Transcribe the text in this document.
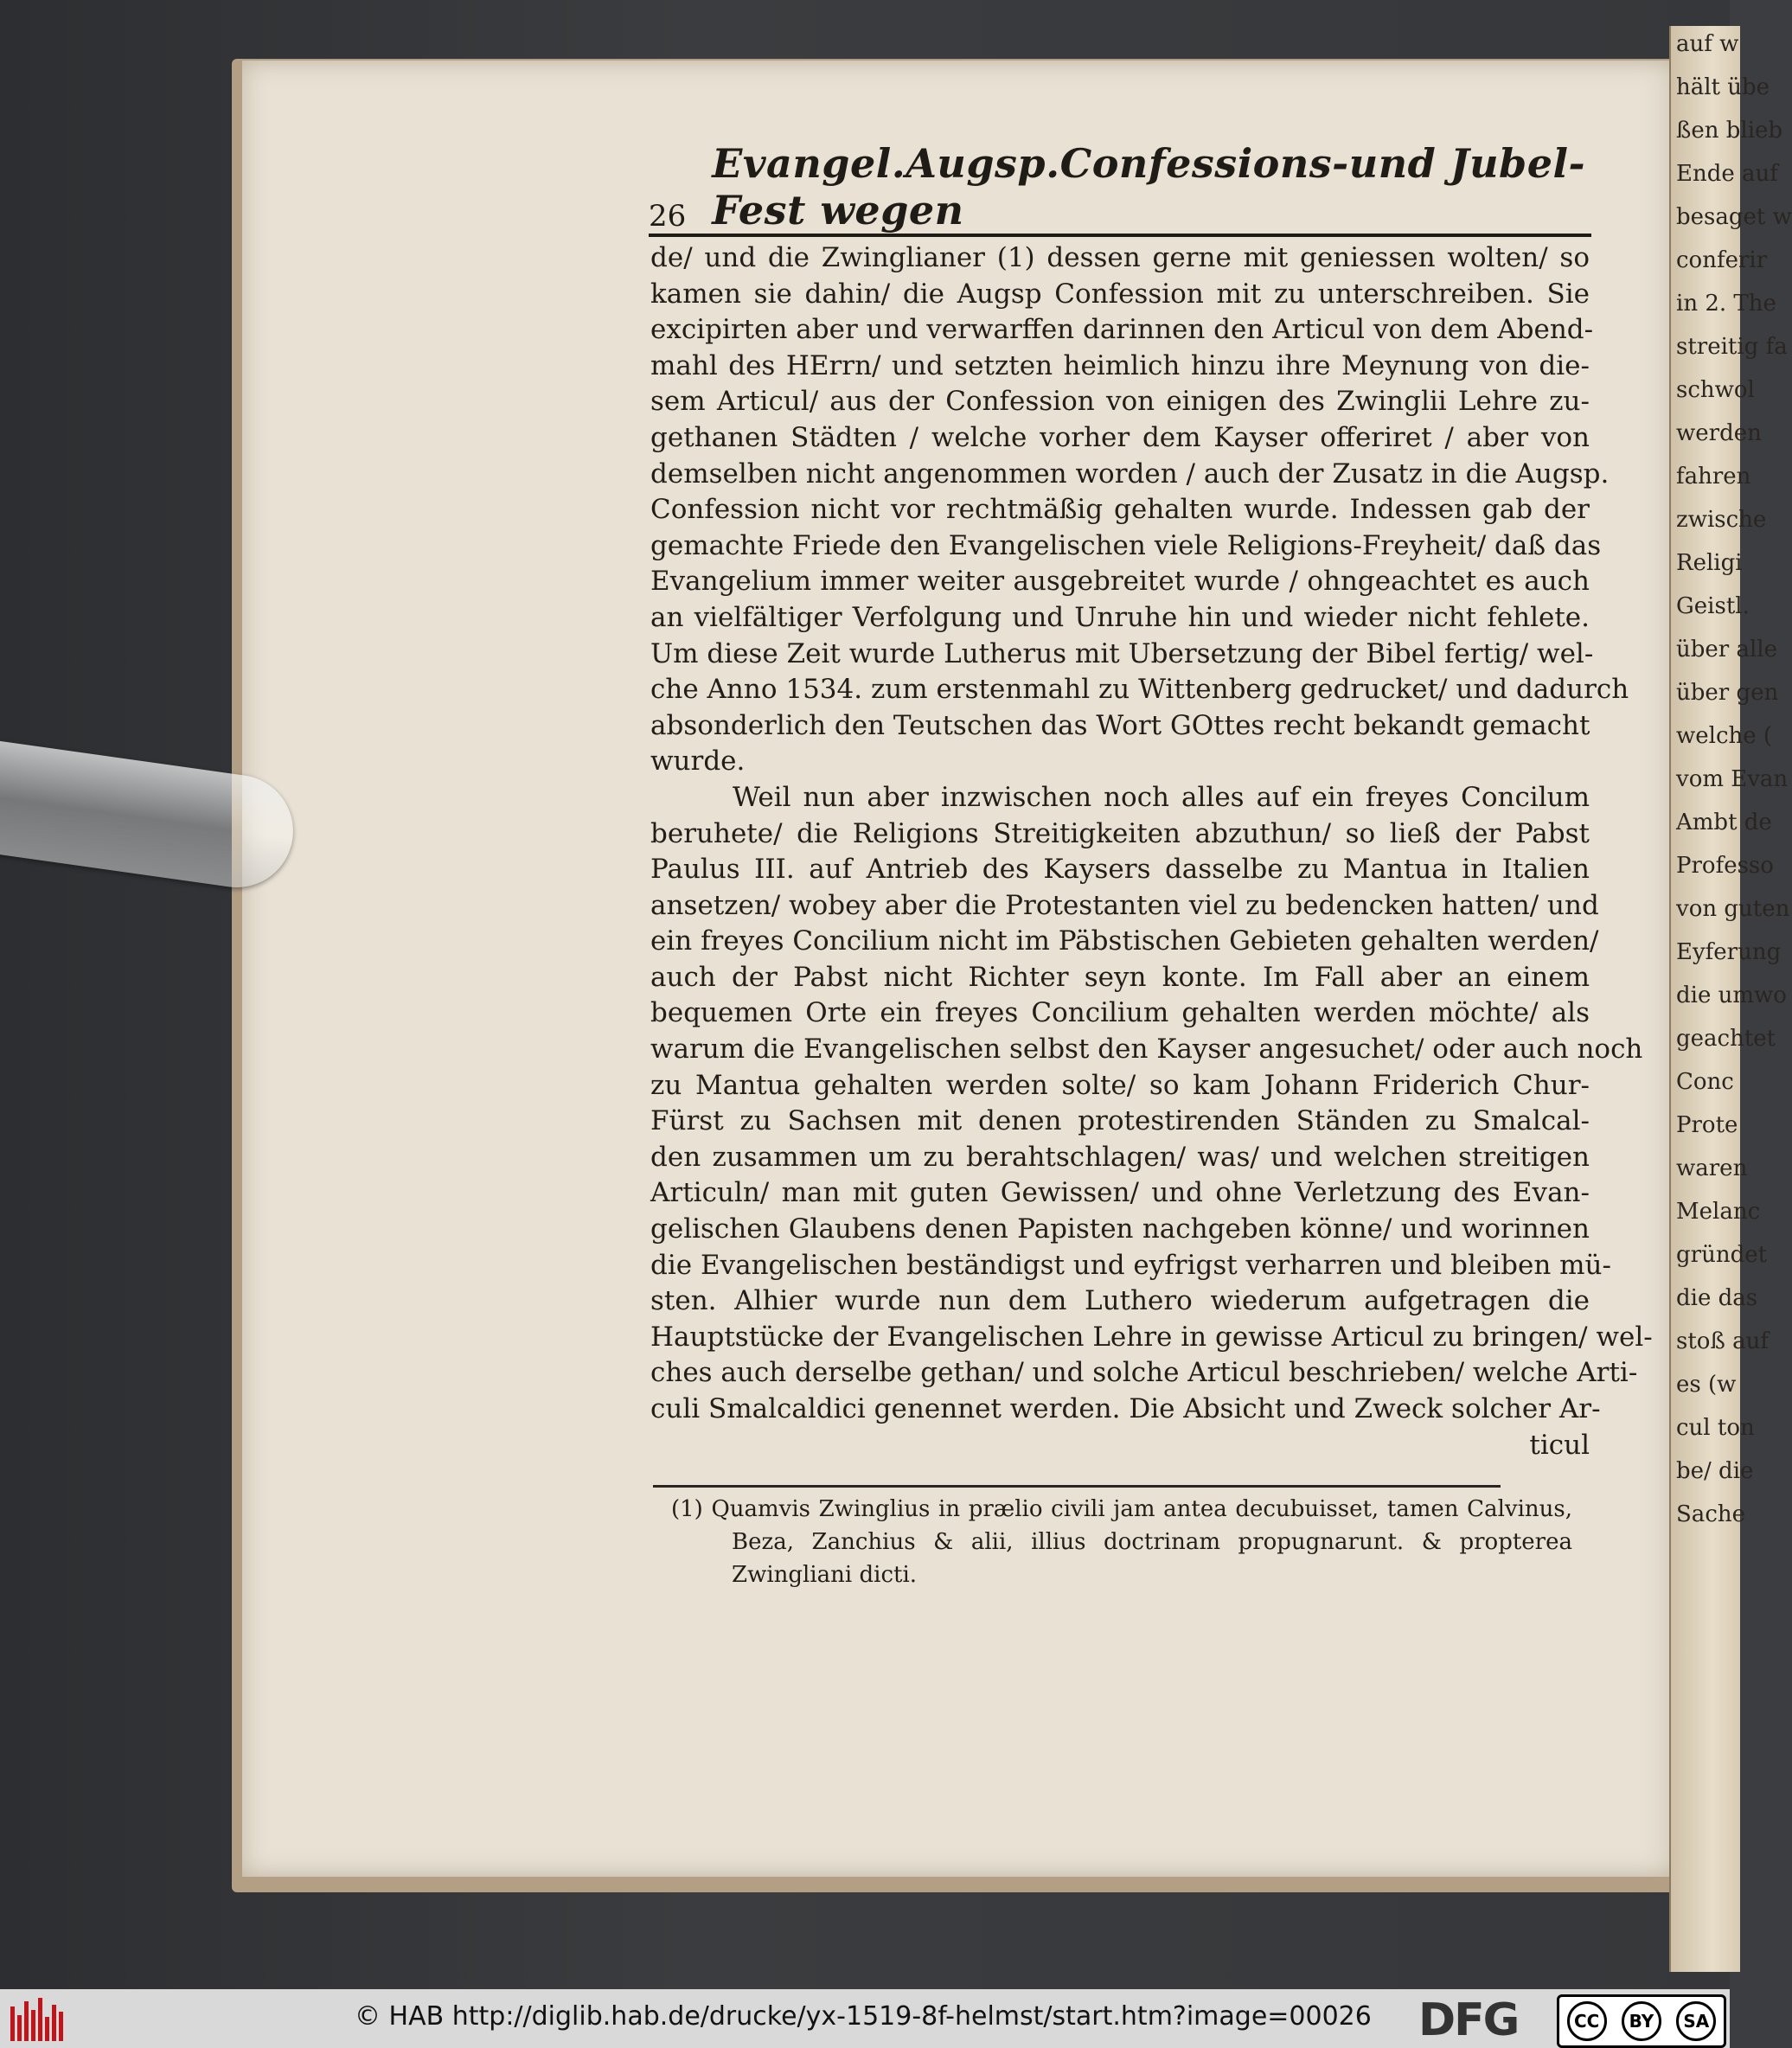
auf w
hält übe
ßen blieb
Ende auf
besaget w
conferir
in 2. The
streitig fa
schwol
werden
fahren
zwische
Religi
Geistl.
über alle
über gen
welche (
vom Evan
Ambt de
Professo
von guten
Eyferung
die umwo
geachtet
Conc
Prote
waren
Melanc
gründet
die das
stoß auf
es (w
cul ton
be/ die
Sache
26
Evangel.Augsp.Confessions-und Jubel-Fest wegen
de/ und die Zwinglianer (1) dessen gerne mit geniessen wolten/ so
kamen sie dahin/ die Augsp Confession mit zu unterschreiben. Sie
excipirten aber und verwarffen darinnen den Articul von dem Abend-
mahl des HErrn/ und setzten heimlich hinzu ihre Meynung von die-
sem Articul/ aus der Confession von einigen des Zwinglii Lehre zu-
gethanen Städten / welche vorher dem Kayser offeriret / aber von
demselben nicht angenommen worden / auch der Zusatz in die Augsp.
Confession nicht vor rechtmäßig gehalten wurde. Indessen gab der
gemachte Friede den Evangelischen viele Religions-Freyheit/ daß das
Evangelium immer weiter ausgebreitet wurde / ohngeachtet es auch
an vielfältiger Verfolgung und Unruhe hin und wieder nicht fehlete.
Um diese Zeit wurde Lutherus mit Ubersetzung der Bibel fertig/ wel-
che Anno 1534. zum erstenmahl zu Wittenberg gedrucket/ und dadurch
absonderlich den Teutschen das Wort GOttes recht bekandt gemacht
wurde.
Weil nun aber inzwischen noch alles auf ein freyes Concilum
beruhete/ die Religions Streitigkeiten abzuthun/ so ließ der Pabst
Paulus III. auf Antrieb des Kaysers dasselbe zu Mantua in Italien
ansetzen/ wobey aber die Protestanten viel zu bedencken hatten/ und
ein freyes Concilium nicht im Päbstischen Gebieten gehalten werden/
auch der Pabst nicht Richter seyn konte. Im Fall aber an einem
bequemen Orte ein freyes Concilium gehalten werden möchte/ als
warum die Evangelischen selbst den Kayser angesuchet/ oder auch noch
zu Mantua gehalten werden solte/ so kam Johann Friderich Chur-
Fürst zu Sachsen mit denen protestirenden Ständen zu Smalcal-
den zusammen um zu berahtschlagen/ was/ und welchen streitigen
Articuln/ man mit guten Gewissen/ und ohne Verletzung des Evan-
gelischen Glaubens denen Papisten nachgeben könne/ und worinnen
die Evangelischen beständigst und eyfrigst verharren und bleiben mü-
sten. Alhier wurde nun dem Luthero wiederum aufgetragen die
Hauptstücke der Evangelischen Lehre in gewisse Articul zu bringen/ wel-
ches auch derselbe gethan/ und solche Articul beschrieben/ welche Arti-
culi Smalcaldici genennet werden. Die Absicht und Zweck solcher Ar-
ticul
(1) Quamvis Zwinglius in prælio civili jam antea decubuisset, tamen Calvinus,
Beza, Zanchius & alii, illius doctrinam propugnarunt. & propterea
Zwingliani dicti.
© HAB http://diglib.hab.de/drucke/yx-1519-8f-helmst/start.htm?image=00026 DFG	CC	BY	SA
